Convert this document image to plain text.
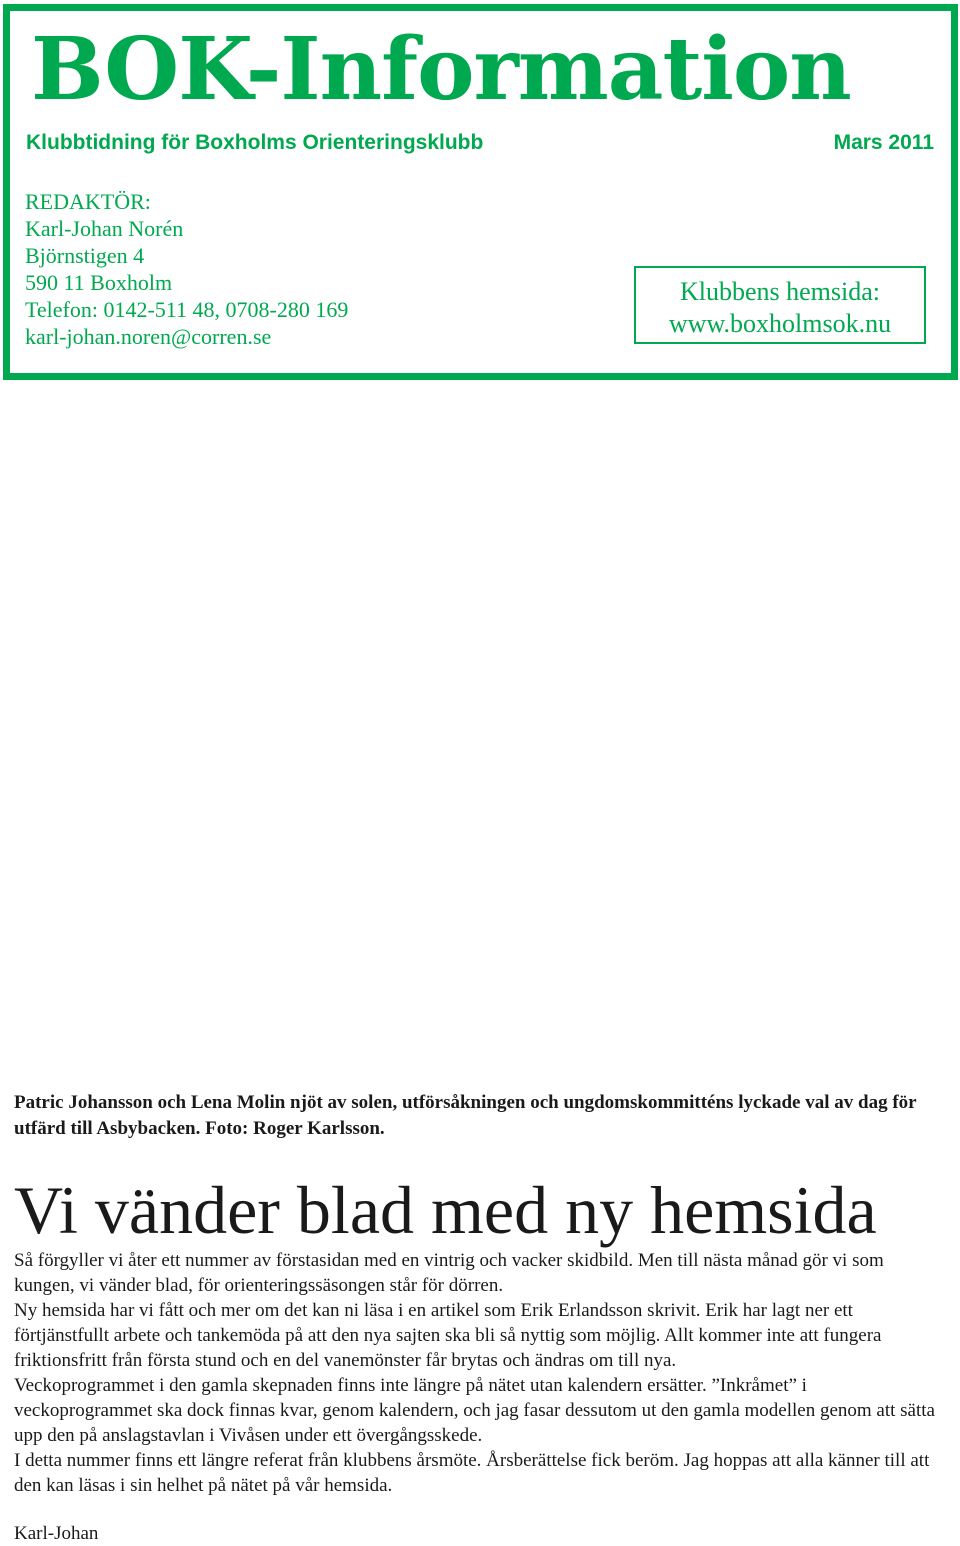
BOK-Information
Klubbtidning för Boxholms Orienteringsklubb	Mars 2011
REDAKTÖR:
Karl-Johan Norén
Björnstigen 4
590 11 Boxholm
Telefon: 0142-511 48, 0708-280 169
karl-johan.noren@corren.se
Klubbens hemsida:
www.boxholmsok.nu

Patric Johansson och Lena Molin njöt av solen, utförsåkningen och ungdomskommitténs lyckade val av dag för utfärd till Asbybacken. Foto: Roger Karlsson.

Vi vänder blad med ny hemsida

Så förgyller vi åter ett nummer av förstasidan med en vintrig och vacker skidbild. Men till nästa månad gör vi som kungen, vi vänder blad, för orienteringssäsongen står för dörren.

Ny hemsida har vi fått och mer om det kan ni läsa i en artikel som Erik Erlandsson skrivit. Erik har lagt ner ett förtjänstfullt arbete och tankemöda på att den nya sajten ska bli så nyttig som möjlig. Allt kommer inte att fungera friktionsfritt från första stund och en del vanemönster får brytas och ändras om till nya.

Veckoprogrammet i den gamla skepnaden finns inte längre på nätet utan kalendern ersätter. ”Inkråmet” i veckoprogrammet ska dock finnas kvar, genom kalendern, och jag fasar dessutom ut den gamla modellen genom att sätta upp den på anslagstavlan i Vivåsen under ett övergångsskede.

I detta nummer finns ett längre referat från klubbens årsmöte. Årsberättelse fick beröm. Jag hoppas att alla känner till att den kan läsas i sin helhet på nätet på vår hemsida.

Karl-Johan
